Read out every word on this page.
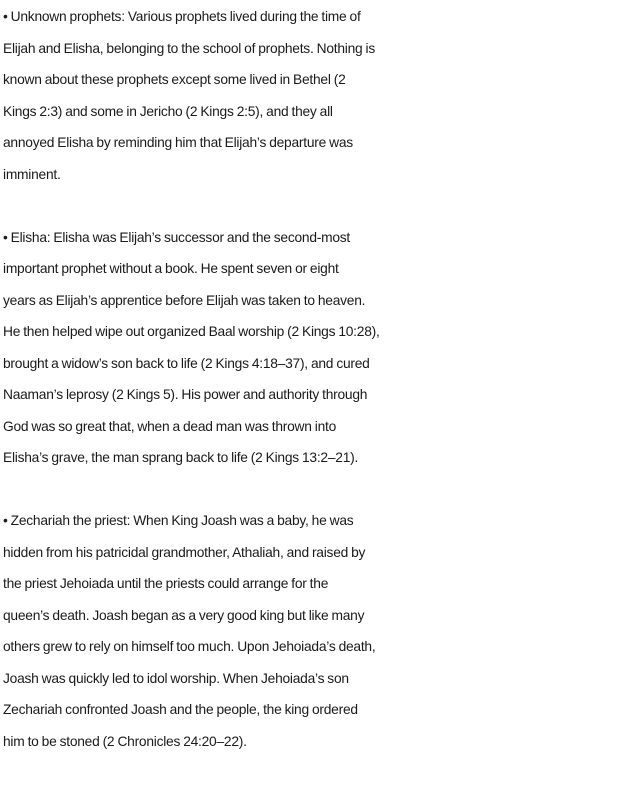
• Unknown prophets: Various prophets lived during the time of
Elijah and Elisha, belonging to the school of prophets. Nothing is
known about these prophets except some lived in Bethel (2
Kings 2:3) and some in Jericho (2 Kings 2:5), and they all
annoyed Elisha by reminding him that Elijah’s departure was
imminent.

• Elisha: Elisha was Elijah’s successor and the second-most
important prophet without a book. He spent seven or eight
years as Elijah’s apprentice before Elijah was taken to heaven.
He then helped wipe out organized Baal worship (2 Kings 10:28),
brought a widow’s son back to life (2 Kings 4:18–37), and cured
Naaman’s leprosy (2 Kings 5). His power and authority through
God was so great that, when a dead man was thrown into
Elisha’s grave, the man sprang back to life (2 Kings 13:2–21).

• Zechariah the priest: When King Joash was a baby, he was
hidden from his patricidal grandmother, Athaliah, and raised by
the priest Jehoiada until the priests could arrange for the
queen’s death. Joash began as a very good king but like many
others grew to rely on himself too much. Upon Jehoiada’s death,
Joash was quickly led to idol worship. When Jehoiada’s son
Zechariah confronted Joash and the people, the king ordered
him to be stoned (2 Chronicles 24:20–22).
